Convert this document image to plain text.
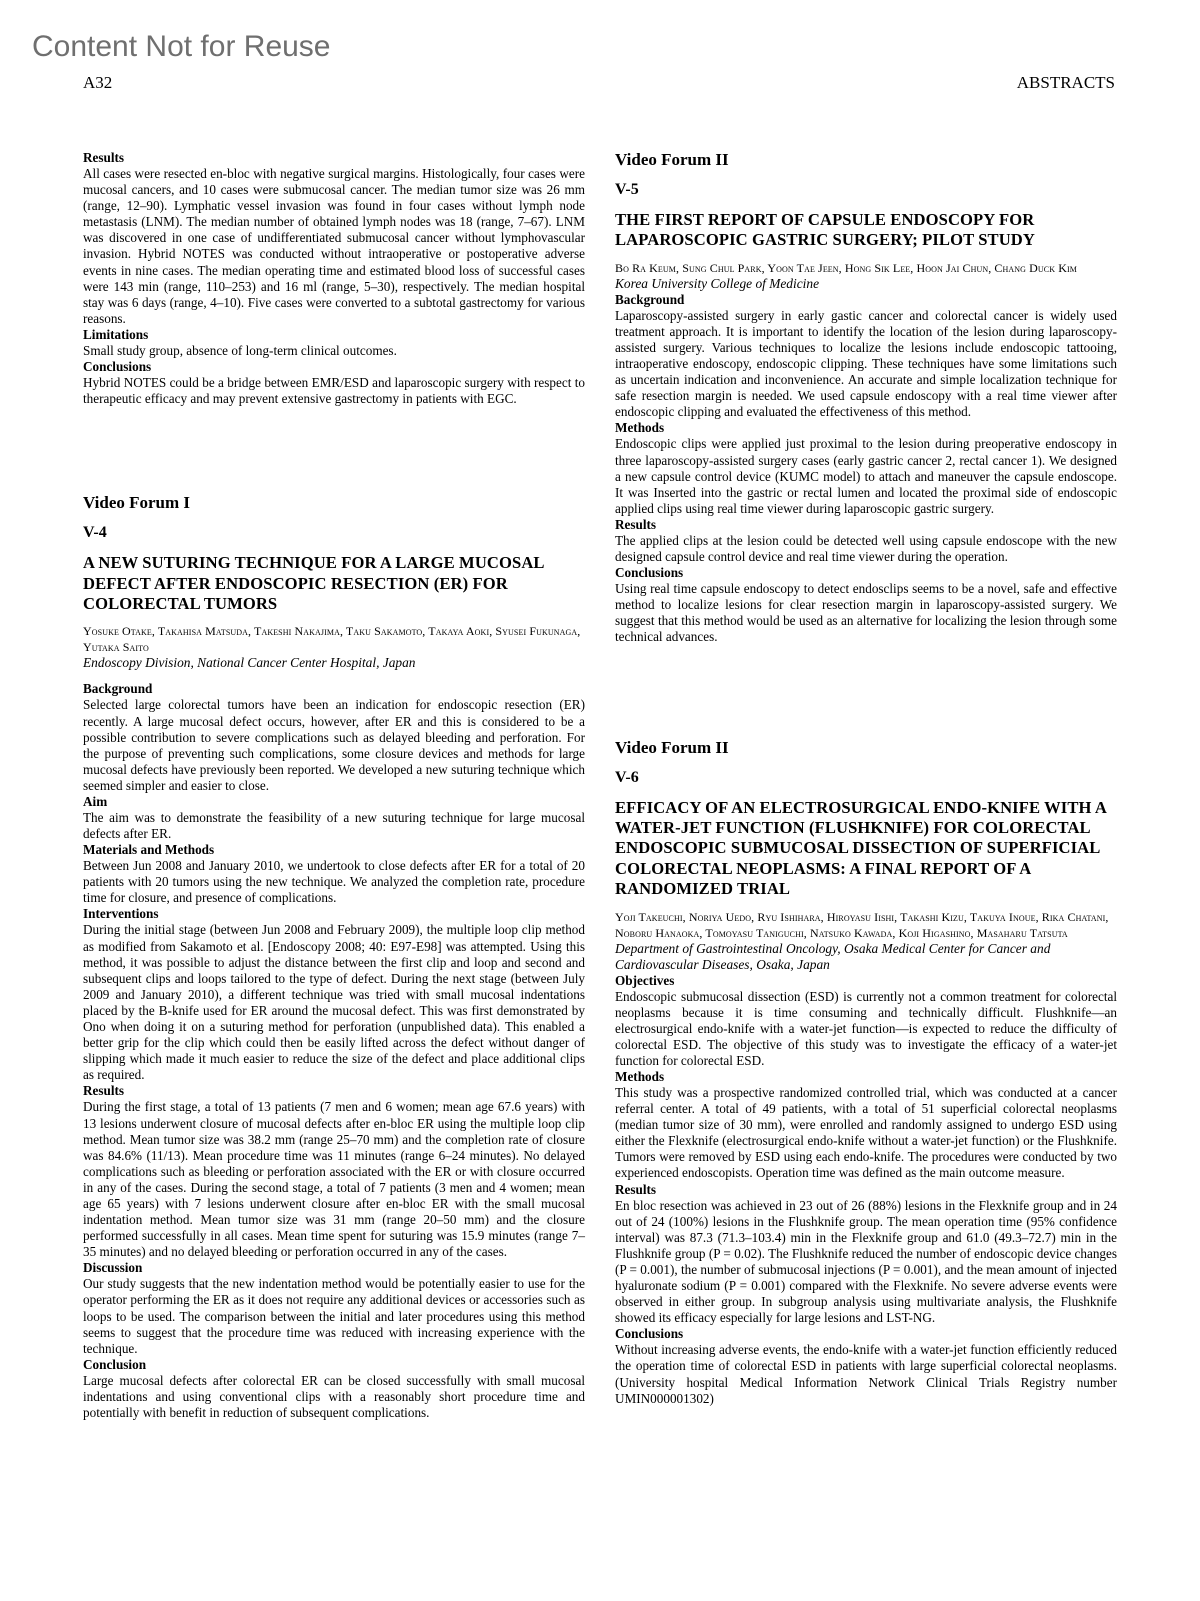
Content Not for Reuse
A32	ABSTRACTS
Results

All cases were resected en-bloc with negative surgical margins. Histologically, four cases were mucosal cancers, and 10 cases were submucosal cancer. The median tumor size was 26 mm (range, 12–90). Lymphatic vessel invasion was found in four cases without lymph node metastasis (LNM). The median number of obtained lymph nodes was 18 (range, 7–67). LNM was discovered in one case of undifferentiated submucosal cancer without lymphovascular invasion. Hybrid NOTES was conducted without intraoperative or postoperative adverse events in nine cases. The median operating time and estimated blood loss of successful cases were 143 min (range, 110–253) and 16 ml (range, 5–30), respectively. The median hospital stay was 6 days (range, 4–10). Five cases were converted to a subtotal gastrectomy for various reasons.

Limitations

Small study group, absence of long-term clinical outcomes.

Conclusions

Hybrid NOTES could be a bridge between EMR/ESD and laparoscopic surgery with respect to therapeutic efficacy and may prevent extensive gastrectomy in patients with EGC.

Video Forum I
V-4
A NEW SUTURING TECHNIQUE FOR A LARGE MUCOSAL DEFECT AFTER ENDOSCOPIC RESECTION (ER) FOR COLORECTAL TUMORS
Yosuke Otake, Takahisa Matsuda, Takeshi Nakajima, Taku Sakamoto, Takaya Aoki, Syusei Fukunaga, Yutaka Saito
Endoscopy Division, National Cancer Center Hospital, Japan
Background

Selected large colorectal tumors have been an indication for endoscopic resection (ER) recently. A large mucosal defect occurs, however, after ER and this is considered to be a possible contribution to severe complications such as delayed bleeding and perforation. For the purpose of preventing such complications, some closure devices and methods for large mucosal defects have previously been reported. We developed a new suturing technique which seemed simpler and easier to close.

Aim

The aim was to demonstrate the feasibility of a new suturing technique for large mucosal defects after ER.

Materials and Methods

Between Jun 2008 and January 2010, we undertook to close defects after ER for a total of 20 patients with 20 tumors using the new technique. We analyzed the completion rate, procedure time for closure, and presence of complications.

Interventions

During the initial stage (between Jun 2008 and February 2009), the multiple loop clip method as modified from Sakamoto et al. [Endoscopy 2008; 40: E97-E98] was attempted. Using this method, it was possible to adjust the distance between the first clip and loop and second and subsequent clips and loops tailored to the type of defect. During the next stage (between July 2009 and January 2010), a different technique was tried with small mucosal indentations placed by the B-knife used for ER around the mucosal defect. This was first demonstrated by Ono when doing it on a suturing method for perforation (unpublished data). This enabled a better grip for the clip which could then be easily lifted across the defect without danger of slipping which made it much easier to reduce the size of the defect and place additional clips as required.

Results

During the first stage, a total of 13 patients (7 men and 6 women; mean age 67.6 years) with 13 lesions underwent closure of mucosal defects after en-bloc ER using the multiple loop clip method. Mean tumor size was 38.2 mm (range 25–70 mm) and the completion rate of closure was 84.6% (11/13). Mean procedure time was 11 minutes (range 6–24 minutes). No delayed complications such as bleeding or perforation associated with the ER or with closure occurred in any of the cases. During the second stage, a total of 7 patients (3 men and 4 women; mean age 65 years) with 7 lesions underwent closure after en-bloc ER with the small mucosal indentation method. Mean tumor size was 31 mm (range 20–50 mm) and the closure performed successfully in all cases. Mean time spent for suturing was 15.9 minutes (range 7–35 minutes) and no delayed bleeding or perforation occurred in any of the cases.

Discussion

Our study suggests that the new indentation method would be potentially easier to use for the operator performing the ER as it does not require any additional devices or accessories such as loops to be used. The comparison between the initial and later procedures using this method seems to suggest that the procedure time was reduced with increasing experience with the technique.

Conclusion

Large mucosal defects after colorectal ER can be closed successfully with small mucosal indentations and using conventional clips with a reasonably short procedure time and potentially with benefit in reduction of subsequent complications.

Video Forum II
V-5
THE FIRST REPORT OF CAPSULE ENDOSCOPY FOR LAPAROSCOPIC GASTRIC SURGERY; PILOT STUDY
Bo Ra Keum, Sung Chul Park, Yoon Tae Jeen, Hong Sik Lee, Hoon Jai Chun, Chang Duck Kim
Korea University College of Medicine
Background

Laparoscopy-assisted surgery in early gastic cancer and colorectal cancer is widely used treatment approach. It is important to identify the location of the lesion during laparoscopy-assisted surgery. Various techniques to localize the lesions include endoscopic tattooing, intraoperative endoscopy, endoscopic clipping. These techniques have some limitations such as uncertain indication and inconvenience. An accurate and simple localization technique for safe resection margin is needed. We used capsule endoscopy with a real time viewer after endoscopic clipping and evaluated the effectiveness of this method.

Methods

Endoscopic clips were applied just proximal to the lesion during preoperative endoscopy in three laparoscopy-assisted surgery cases (early gastric cancer 2, rectal cancer 1). We designed a new capsule control device (KUMC model) to attach and maneuver the capsule endoscope. It was Inserted into the gastric or rectal lumen and located the proximal side of endoscopic applied clips using real time viewer during laparoscopic gastric surgery.

Results

The applied clips at the lesion could be detected well using capsule endoscope with the new designed capsule control device and real time viewer during the operation.

Conclusions

Using real time capsule endoscopy to detect endosclips seems to be a novel, safe and effective method to localize lesions for clear resection margin in laparoscopy-assisted surgery. We suggest that this method would be used as an alternative for localizing the lesion through some technical advances.

Video Forum II
V-6
EFFICACY OF AN ELECTROSURGICAL ENDO-KNIFE WITH A WATER-JET FUNCTION (FLUSHKNIFE) FOR COLORECTAL ENDOSCOPIC SUBMUCOSAL DISSECTION OF SUPERFICIAL COLORECTAL NEOPLASMS: A FINAL REPORT OF A RANDOMIZED TRIAL
Yoji Takeuchi, Noriya Uedo, Ryu Ishihara, Hiroyasu Iishi, Takashi Kizu, Takuya Inoue, Rika Chatani, Noboru Hanaoka, Tomoyasu Taniguchi, Natsuko Kawada, Koji Higashino, Masaharu Tatsuta
Department of Gastrointestinal Oncology, Osaka Medical Center for Cancer and Cardiovascular Diseases, Osaka, Japan
Objectives

Endoscopic submucosal dissection (ESD) is currently not a common treatment for colorectal neoplasms because it is time consuming and technically difficult. Flushknife—an electrosurgical endo-knife with a water-jet function—is expected to reduce the difficulty of colorectal ESD. The objective of this study was to investigate the efficacy of a water-jet function for colorectal ESD.

Methods

This study was a prospective randomized controlled trial, which was conducted at a cancer referral center. A total of 49 patients, with a total of 51 superficial colorectal neoplasms (median tumor size of 30 mm), were enrolled and randomly assigned to undergo ESD using either the Flexknife (electrosurgical endo-knife without a water-jet function) or the Flushknife. Tumors were removed by ESD using each endo-knife. The procedures were conducted by two experienced endoscopists. Operation time was defined as the main outcome measure.

Results

En bloc resection was achieved in 23 out of 26 (88%) lesions in the Flexknife group and in 24 out of 24 (100%) lesions in the Flushknife group. The mean operation time (95% confidence interval) was 87.3 (71.3–103.4) min in the Flexknife group and 61.0 (49.3–72.7) min in the Flushknife group (P = 0.02). The Flushknife reduced the number of endoscopic device changes (P = 0.001), the number of submucosal injections (P = 0.001), and the mean amount of injected hyaluronate sodium (P = 0.001) compared with the Flexknife. No severe adverse events were observed in either group. In subgroup analysis using multivariate analysis, the Flushknife showed its efficacy especially for large lesions and LST-NG.

Conclusions

Without increasing adverse events, the endo-knife with a water-jet function efficiently reduced the operation time of colorectal ESD in patients with large superficial colorectal neoplasms. (University hospital Medical Information Network Clinical Trials Registry number UMIN000001302)
